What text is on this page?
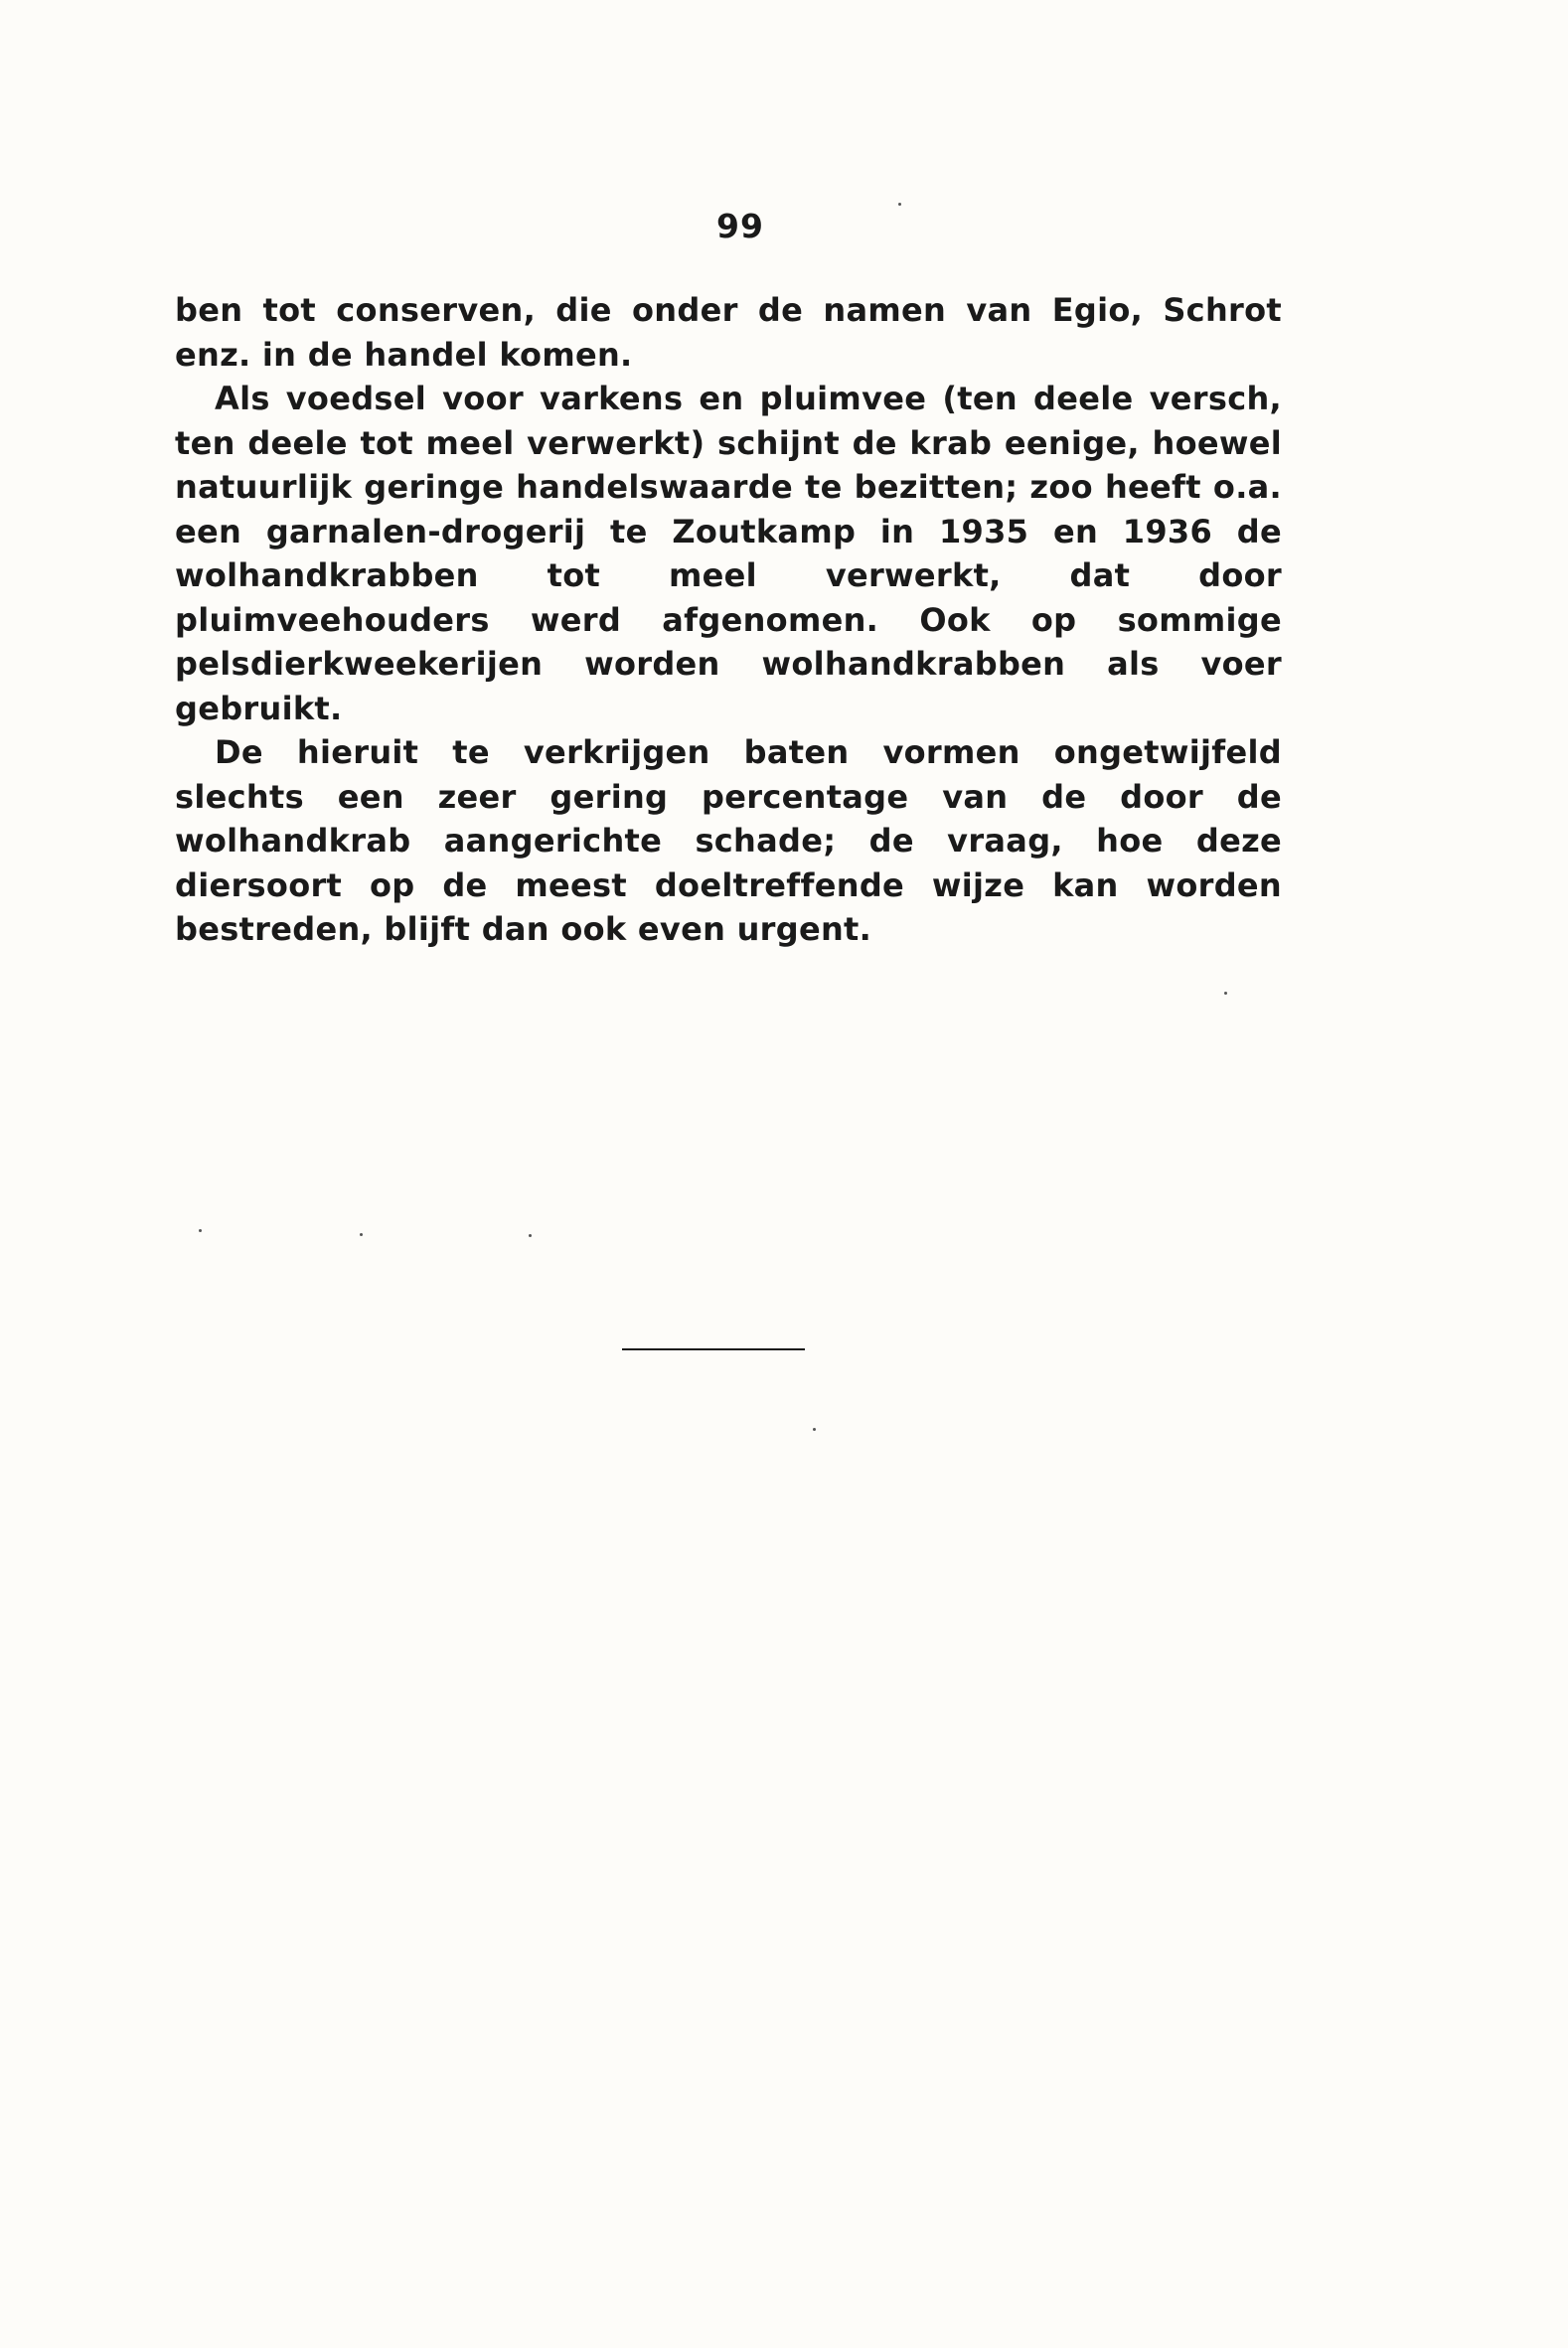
99

ben tot conserven, die onder de namen van Egio, Schrot enz. in de handel komen.

Als voedsel voor varkens en pluimvee (ten deele versch, ten deele tot meel verwerkt) schijnt de krab eenige, hoewel natuurlijk geringe handelswaarde te bezitten; zoo heeft o.a. een garnalen-drogerij te Zoutkamp in 1935 en 1936 de wolhandkrabben tot meel verwerkt, dat door pluimveehouders werd afgenomen. Ook op sommige pelsdierkweekerijen worden wolhandkrabben als voer gebruikt.

De hieruit te verkrijgen baten vormen ongetwijfeld slechts een zeer gering percentage van de door de wolhandkrab aangerichte schade; de vraag, hoe deze diersoort op de meest doeltreffende wijze kan worden bestreden, blijft dan ook even urgent.
